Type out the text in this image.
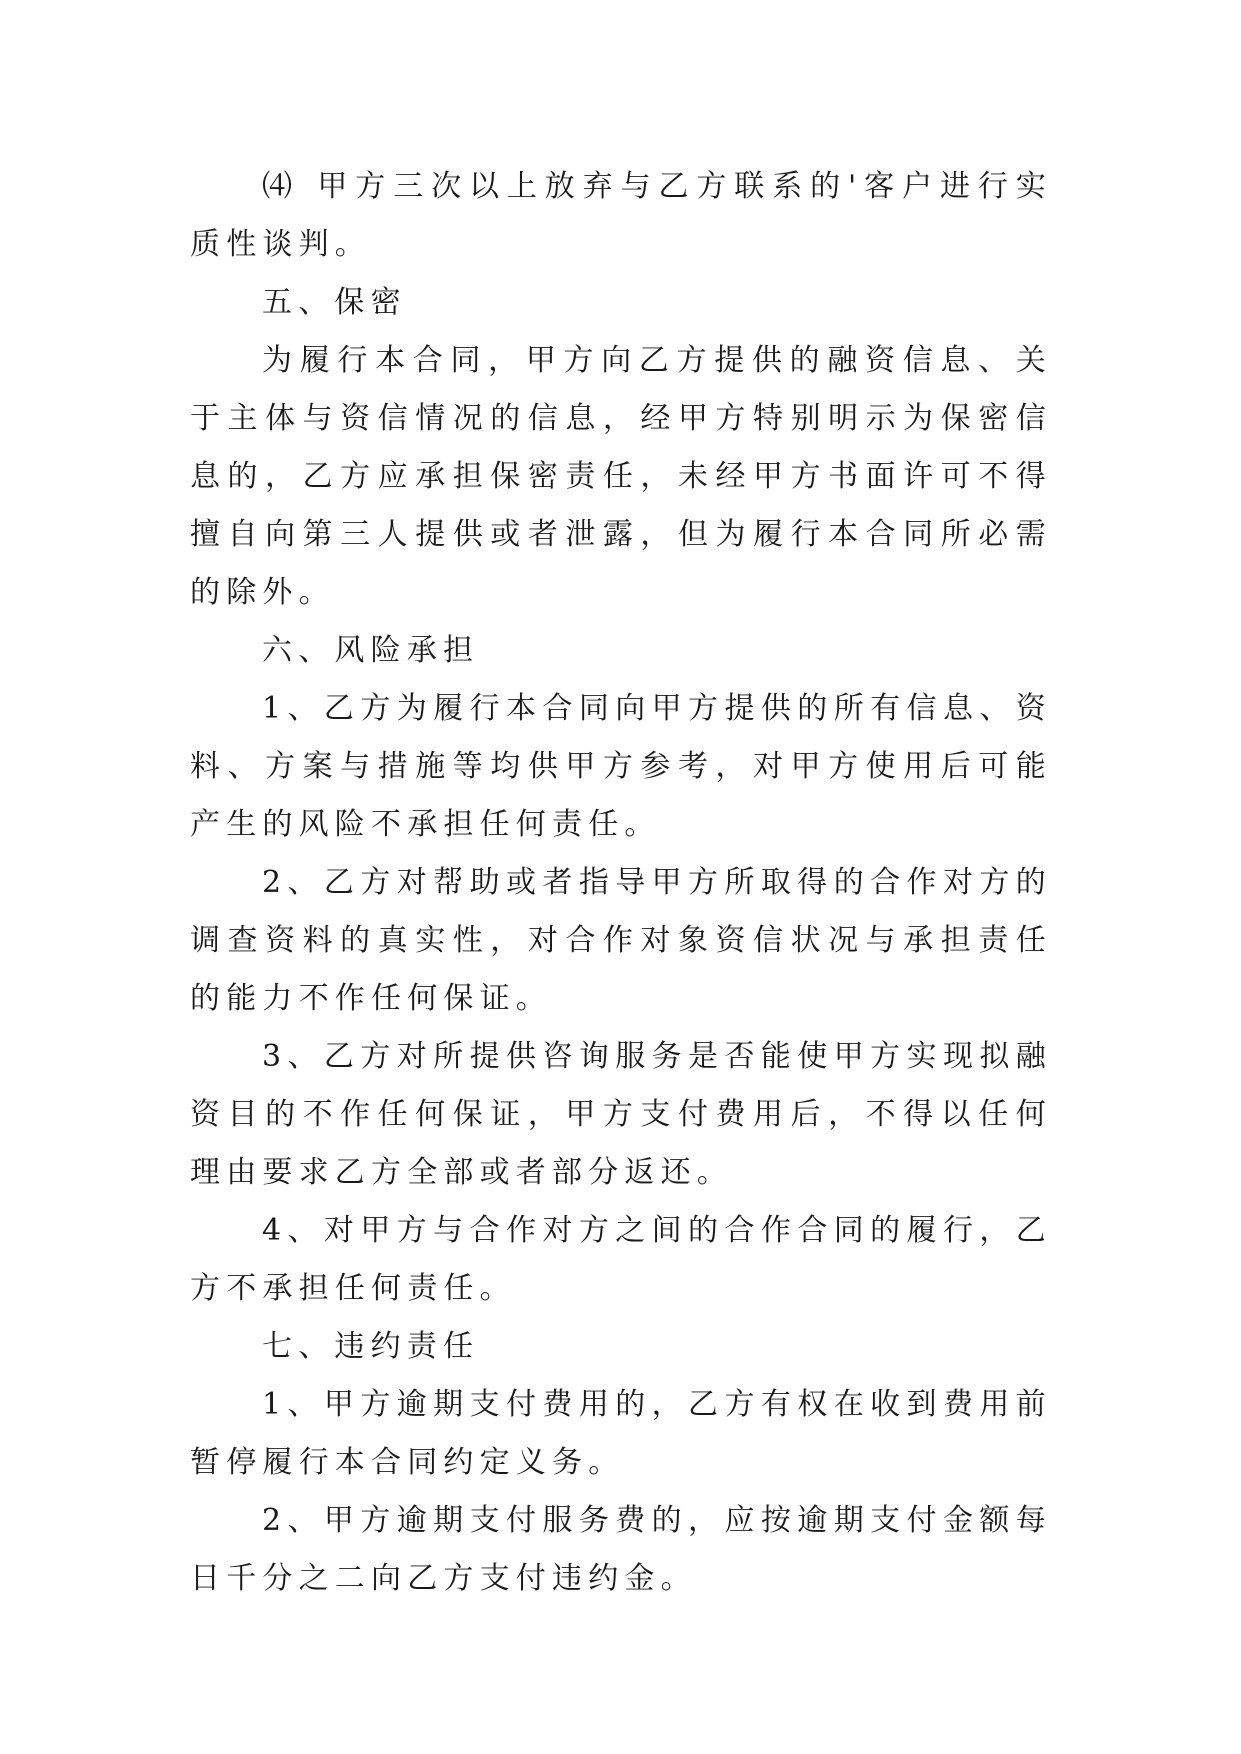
⑷ 甲方三次以上放弃与乙方联系的'客户进行实质性谈判。

五、保密

为履行本合同，甲方向乙方提供的融资信息、关于主体与资信情况的信息，经甲方特别明示为保密信息的，乙方应承担保密责任，未经甲方书面许可不得擅自向第三人提供或者泄露，但为履行本合同所必需的除外。

六、风险承担

1、乙方为履行本合同向甲方提供的所有信息、资料、方案与措施等均供甲方参考，对甲方使用后可能产生的风险不承担任何责任。

2、乙方对帮助或者指导甲方所取得的合作对方的调查资料的真实性，对合作对象资信状况与承担责任的能力不作任何保证。

3、乙方对所提供咨询服务是否能使甲方实现拟融资目的不作任何保证，甲方支付费用后，不得以任何理由要求乙方全部或者部分返还。

4、对甲方与合作对方之间的合作合同的履行，乙方不承担任何责任。

七、违约责任

1、甲方逾期支付费用的，乙方有权在收到费用前暂停履行本合同约定义务。

2、甲方逾期支付服务费的，应按逾期支付金额每日千分之二向乙方支付违约金。
